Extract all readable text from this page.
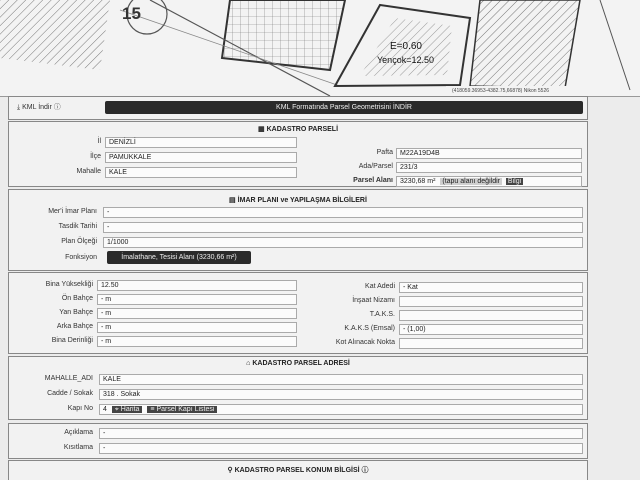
15
E=0.60
Yençok=12.50
(418059.36953-4382.75,66878) Nikon 5526
⤓ KML İndir ⓘ	KML Formatında Parsel Geometrisini İNDİR
▦ KADASTRO PARSELİ
İl	DENİZLİ
İlçe	PAMUKKALE
Mahalle	KALE
Pafta	M22A19D4B
Ada/Parsel	231/3
Parsel Alanı	3230,68 m² (tapu alanı değildir Bilgi
▤ İMAR PLANI ve YAPILAŞMA BİLGİLERİ
Mer'i İmar Planı	-
Tasdik Tarihi	-
Plan Ölçeği	1/1000
Fonksiyon	İmalathane, Tesisi Alanı (3230,66 m²)
Bina Yüksekliği	12.50
Ön Bahçe	- m
Yan Bahçe	- m
Arka Bahçe	- m
Bina Derinliği	- m
Kat Adedi	- Kat
İnşaat Nizamı
T.A.K.S.
K.A.K.S (Emsal)	- (1,00)
Kot Alınacak Nokta
⌂ KADASTRO PARSEL ADRESİ
MAHALLE_ADI	KALE
Cadde / Sokak	318 . Sokak
Kapı No	4 ⌖ Harita ≡ Parsel Kapı Listesi
Açıklama	-
Kısıtlama	-
⚲ KADASTRO PARSEL KONUM BİLGİSİ ⓘ
